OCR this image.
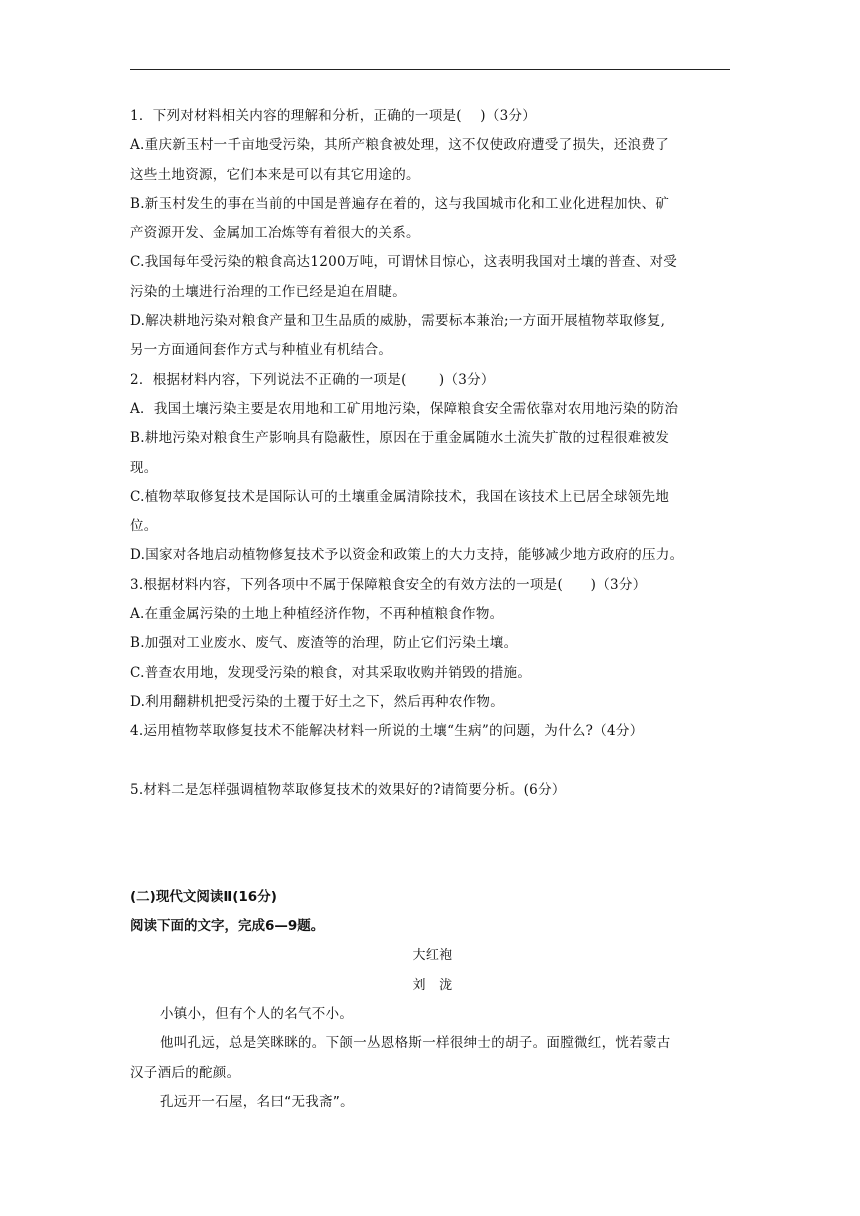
1．下列对材料相关内容的理解和分析，正确的一项是(　 )（3分）
A.重庆新玉村一千亩地受污染，其所产粮食被处理，这不仅使政府遭受了损失，还浪费了
这些土地资源，它们本来是可以有其它用途的。
B.新玉村发生的事在当前的中国是普遍存在着的，这与我国城市化和工业化进程加快、矿
产资源开发、金属加工冶炼等有着很大的关系。
C.我国每年受污染的粮食高达1200万吨，可谓怵目惊心，这表明我国对土壤的普查、对受
污染的土壤进行治理的工作已经是迫在眉睫。
D.解决耕地污染对粮食产量和卫生品质的威胁，需要标本兼治;一方面开展植物萃取修复,
另一方面通间套作方式与种植业有机结合。
2．根据材料内容，下列说法不正确的一项是(　　 )（3分）
A．我国土壤污染主要是农用地和工矿用地污染，保障粮食安全需依靠对农用地污染的防治
B.耕地污染对粮食生产影响具有隐蔽性，原因在于重金属随水土流失扩散的过程很难被发
现。
C.植物萃取修复技术是国际认可的土壤重金属清除技术，我国在该技术上已居全球领先地
位。
D.国家对各地启动植物修复技术予以资金和政策上的大力支持，能够减少地方政府的压力。
3.根据材料内容，下列各项中不属于保障粮食安全的有效方法的一项是(　　)（3分）
A.在重金属污染的土地上种植经济作物，不再种植粮食作物。
B.加强对工业废水、废气、废渣等的治理，防止它们污染土壤。
C.普查农用地，发现受污染的粮食，对其采取收购并销毁的措施。
D.利用翻耕机把受污染的土覆于好土之下，然后再种农作物。
4.运用植物萃取修复技术不能解决材料一所说的土壤“生病”的问题，为什么?（4分）
5.材料二是怎样强调植物萃取修复技术的效果好的?请简要分析。(6分）
(二)现代文阅读Ⅱ(16分)
阅读下面的文字，完成6—9题。
大红袍
刘　泷
小镇小，但有个人的名气不小。
他叫孔远，总是笑眯眯的。下颌一丛恩格斯一样很绅士的胡子。面膛微红，恍若蒙古
汉子酒后的酡颜。
孔远开一石屋，名曰“无我斋”。
